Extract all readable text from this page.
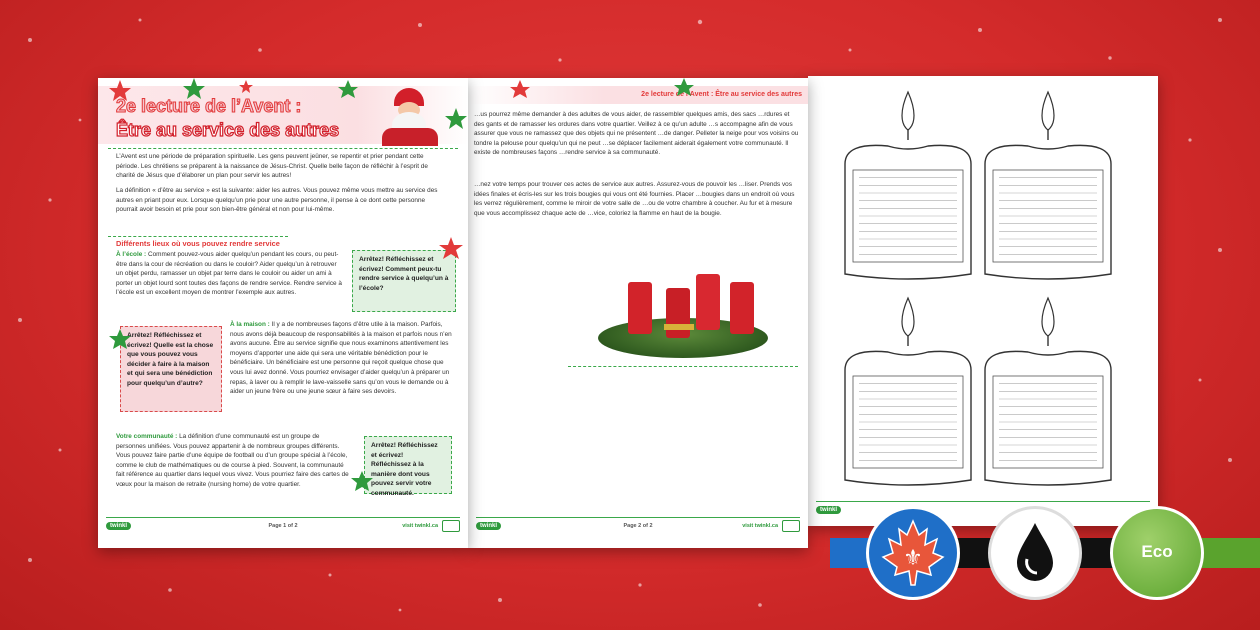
2e lecture de l’Avent :
Être au service des autres
L’Avent est une période de préparation spirituelle. Les gens peuvent jeûner, se repentir et prier pendant cette période. Les chrétiens se préparent à la naissance de Jésus-Christ. Quelle belle façon de réfléchir à l’esprit de charité de Jésus que d’élaborer un plan pour servir les autres!
La définition « d’être au service » est la suivante: aider les autres. Vous pouvez même vous mettre au service des autres en priant pour eux. Lorsque quelqu’un prie pour une autre personne, il pense à ce dont cette personne pourrait avoir besoin et prie pour son bien-être général et non pour lui-même.
Différents lieux où vous pouvez rendre service
À l’école : Comment pouvez-vous aider quelqu’un pendant les cours, ou peut-être dans la cour de récréation ou dans le couloir? Aider quelqu’un à retrouver un objet perdu, ramasser un objet par terre dans le couloir ou aider un ami à porter un objet lourd sont toutes des façons de rendre service. Rendre service à l’école est un excellent moyen de montrer l’exemple aux autres.
Arrêtez! Réfléchissez et écrivez! Comment peux-tu rendre service à quelqu’un à l’école?
Arrêtez! Réfléchissez et écrivez! Quelle est la chose que vous pouvez vous décider à faire à la maison et qui sera une bénédiction pour quelqu’un d’autre?
À la maison : Il y a de nombreuses façons d’être utile à la maison. Parfois, nous avons déjà beaucoup de responsabilités à la maison et parfois nous n’en avons aucune. Être au service signifie que nous examinons attentivement les moyens d’apporter une aide qui sera une véritable bénédiction pour le bénéficiaire. Un bénéficiaire est une personne qui reçoit quelque chose que vous lui avez donné. Vous pourriez envisager d’aider quelqu’un à préparer un repas, à laver ou à remplir le lave-vaisselle sans qu’on vous le demande ou à aider un jeune frère ou une jeune sœur à faire ses devoirs.
Votre communauté : La définition d’une communauté est un groupe de personnes unifiées. Vous pouvez appartenir à de nombreux groupes différents. Vous pouvez faire partie d’une équipe de football ou d’un groupe spécial à l’école, comme le club de mathématiques ou de course à pied. Souvent, la communauté fait référence au quartier dans lequel vous vivez. Vous pourriez faire des cartes de vœux pour la maison de retraite (nursing home) de votre quartier.
Arrêtez! Réfléchissez et écrivez! Réfléchissez à la manière dont vous pouvez servir votre communauté.
twinkl	Page 1 of 2	visit twinkl.ca
2e lecture de l’Avent : Être au service des autres
…us pourrez même demander à des adultes de vous aider, de rassembler quelques amis, des sacs …rdures et des gants et de ramasser les ordures dans votre quartier. Veillez à ce qu’un adulte …s accompagne afin de vous assurer que vous ne ramassez que des objets qui ne présentent …de danger. Pelleter la neige pour vos voisins ou tondre la pelouse pour quelqu’un qui ne peut …se déplacer facilement aiderait également votre communauté. Il existe de nombreuses façons …rendre service à sa communauté.
…nez votre temps pour trouver ces actes de service aux autres. Assurez-vous de pouvoir les …liser. Prends vos idées finales et écris-les sur les trois bougies qui vous ont été fournies. Placer …bougies dans un endroit où vous les verrez régulièrement, comme le miroir de votre salle de …ou de votre chambre à coucher. Au fur et à mesure que vous accomplissez chaque acte de …vice, coloriez la flamme en haut de la bougie.
twinkl	Page 2 of 2	visit twinkl.ca
twinkl
⚜	Eco
